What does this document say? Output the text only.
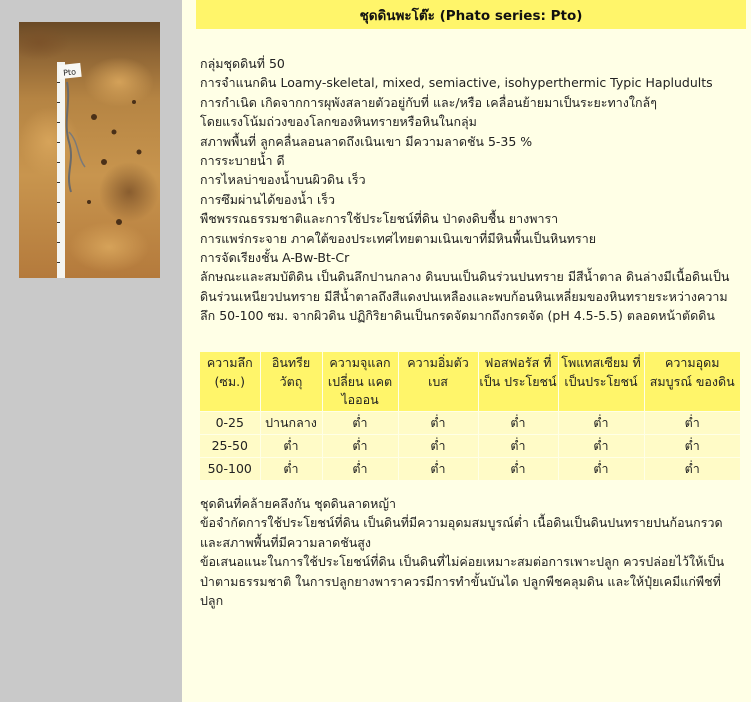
Pto
ชุดดินพะโต๊ะ (Phato series: Pto)
กลุ่มชุดดินที่ 50
การจำแนกดิน Loamy-skeletal, mixed, semiactive, isohyperthermic Typic Hapludults
การกำเนิด เกิดจากการผุพังสลายตัวอยู่กับที่ และ/หรือ เคลื่อนย้ายมาเป็นระยะทางใกล้ๆ
โดยแรงโน้มถ่วงของโลกของหินทรายหรือหินในกลุ่ม
สภาพพื้นที่ ลูกคลื่นลอนลาดถึงเนินเขา มีความลาดชัน 5-35 %
การระบายน้ำ ดี
การไหลบ่าของน้ำบนผิวดิน เร็ว
การซึมผ่านได้ของน้ำ เร็ว
พืชพรรณธรรมชาติและการใช้ประโยชน์ที่ดิน ป่าดงดิบชื้น ยางพารา
การแพร่กระจาย ภาคใต้ของประเทศไทยตามเนินเขาที่มีหินพื้นเป็นหินทราย
การจัดเรียงชั้น A-Bw-Bt-Cr
ลักษณะและสมบัติดิน เป็นดินลึกปานกลาง ดินบนเป็นดินร่วนปนทราย มีสีน้ำตาล ดินล่างมีเนื้อดินเป็น
ดินร่วนเหนียวปนทราย มีสีน้ำตาลถึงสีแดงปนเหลืองและพบก้อนหินเหลี่ยมของหินทรายระหว่างความ
ลึก 50-100 ซม. จากผิวดิน ปฏิกิริยาดินเป็นกรดจัดมากถึงกรดจัด (pH 4.5-5.5) ตลอดหน้าตัดดิน
ความลึก (ซม.)	อินทรีย วัตถุ	ความจุแลก เปลี่ยน แคตไอออน	ความอิ่มตัว เบส	ฟอสฟอรัส ที่เป็น ประโยชน์	โพแทสเซียม ที่เป็นประโยชน์	ความอุดม สมบูรณ์ ของดิน
0-25	ปานกลาง	ต่ำ	ต่ำ	ต่ำ	ต่ำ	ต่ำ
25-50	ต่ำ	ต่ำ	ต่ำ	ต่ำ	ต่ำ	ต่ำ
50-100	ต่ำ	ต่ำ	ต่ำ	ต่ำ	ต่ำ	ต่ำ
ชุดดินที่คล้ายคลึงกัน ชุดดินลาดหญ้า
ข้อจำกัดการใช้ประโยชน์ที่ดิน เป็นดินที่มีความอุดมสมบูรณ์ต่ำ เนื้อดินเป็นดินปนทรายปนก้อนกรวด
และสภาพพื้นที่มีความลาดชันสูง
ข้อเสนอแนะในการใช้ประโยชน์ที่ดิน เป็นดินที่ไม่ค่อยเหมาะสมต่อการเพาะปลูก ควรปล่อยไว้ให้เป็น
ป่าตามธรรมชาติ ในการปลูกยางพาราควรมีการทำขั้นบันได ปลูกพืชคลุมดิน และให้ปุ๋ยเคมีแก่พืชที่
ปลูก
